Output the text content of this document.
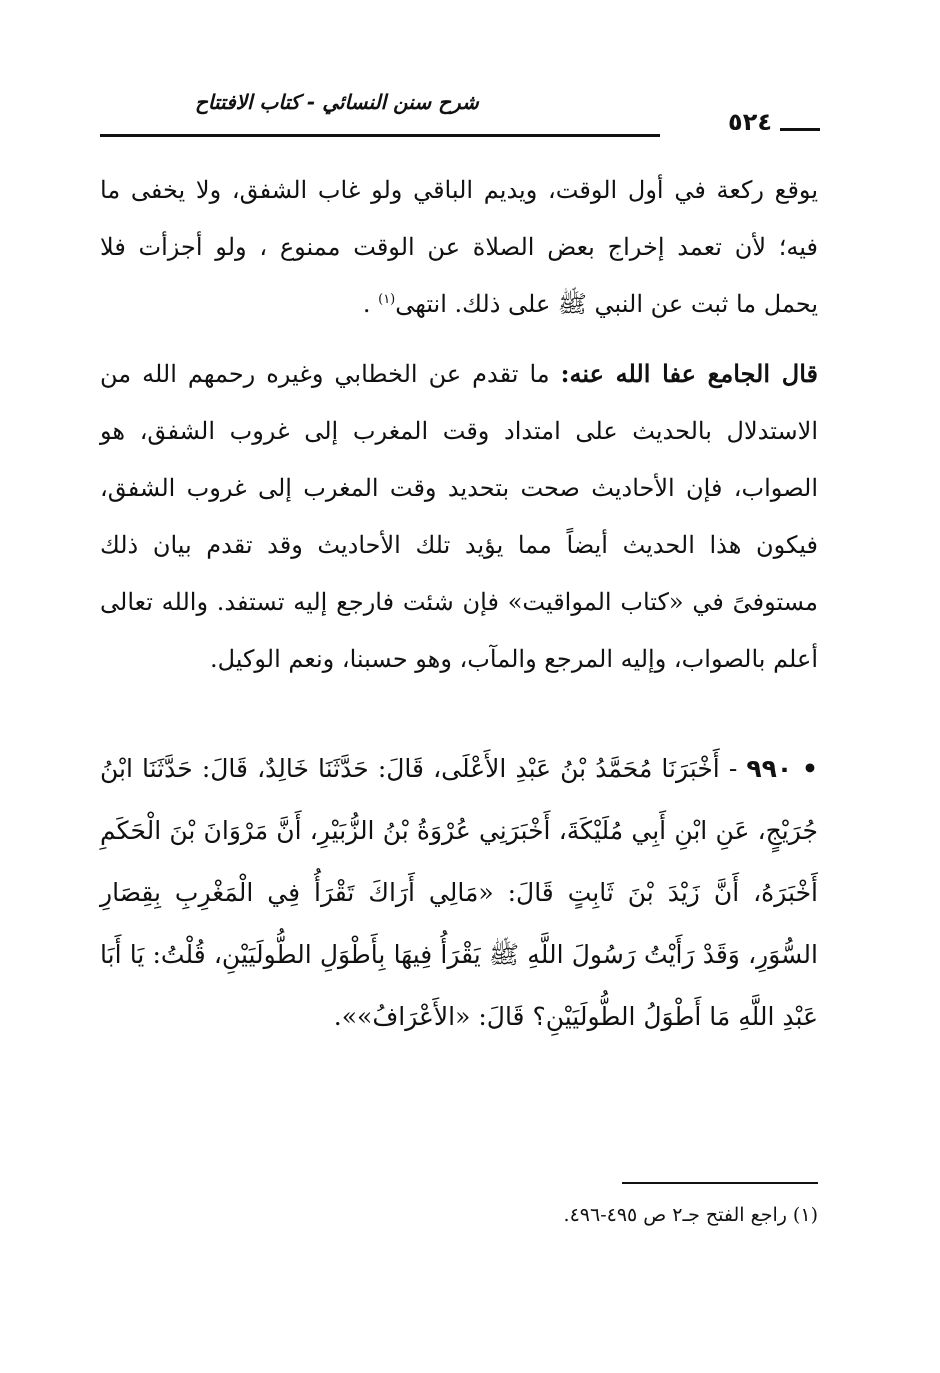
شرح سنن النسائي - كتاب الافتتاح
٥٢٤

يوقع ركعة في أول الوقت، ويديم الباقي ولو غاب الشفق، ولا يخفى ما فيه؛ لأن تعمد إخراج بعض الصلاة عن الوقت ممنوع ، ولو أجزأت فلا يحمل ما ثبت عن النبي ﷺ على ذلك. انتهى$^{(١)}$ .

قال الجامع عفا الله عنه: ما تقدم عن الخطابي وغيره رحمهم الله من الاستدلال بالحديث على امتداد وقت المغرب إلى غروب الشفق، هو الصواب، فإن الأحاديث صحت بتحديد وقت المغرب إلى غروب الشفق، فيكون هذا الحديث أيضاً مما يؤيد تلك الأحاديث وقد تقدم بيان ذلك مستوفىً في «كتاب المواقيت» فإن شئت فارجع إليه تستفد. والله تعالى أعلم بالصواب، وإليه المرجع والمآب، وهو حسبنا، ونعم الوكيل.

• ٩٩٠ - أَخْبَرَنَا مُحَمَّدُ بْنُ عَبْدِ الأَعْلَى، قَالَ: حَدَّثَنَا خَالِدٌ، قَالَ: حَدَّثَنَا ابْنُ جُرَيْجٍ، عَنِ ابْنِ أَبِي مُلَيْكَةَ، أَخْبَرَنِي عُرْوَةُ بْنُ الزُّبَيْرِ، أَنَّ مَرْوَانَ بْنَ الْحَكَمِ أَخْبَرَهُ، أَنَّ زَيْدَ بْنَ ثَابِتٍ قَالَ: «مَالِي أَرَاكَ تَقْرَأُ فِي الْمَغْرِبِ بِقِصَارِ السُّوَرِ، وَقَدْ رَأَيْتُ رَسُولَ اللَّهِ ﷺ يَقْرَأُ فِيهَا بِأَطْوَلِ الطُّولَيَيْنِ، قُلْتُ: يَا أَبَا عَبْدِ اللَّهِ مَا أَطْوَلُ الطُّولَيَيْنِ؟ قَالَ: «الأَعْرَافُ»».

(١) راجع الفتح جـ٢ ص ٤٩٥-٤٩٦.
